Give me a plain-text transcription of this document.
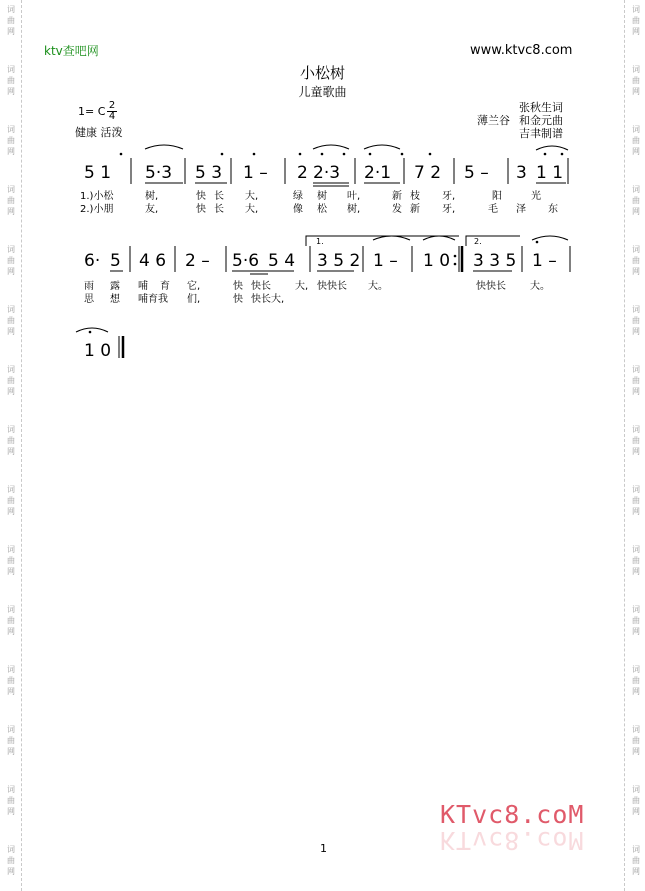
词
曲
网
词
曲
网
词
曲
网
词
曲
网
词
曲
网
词
曲
网
词
曲
网
词
曲
网
词
曲
网
词
曲
网
词
曲
网
词
曲
网
词
曲
网
词
曲
网
词
曲
网
词
曲
网
词
曲
网
词
曲
网
词
曲
网
词
曲
网
词
曲
网
词
曲
网
词
曲
网
词
曲
网
词
曲
网
词
曲
网
词
曲
网
词
曲
网
词
曲
网
词
曲
网
ktv查吧网	www.ktvc8.com
小松树
儿童歌曲
1= C 2
4
健康 活泼
张秋生词
薄兰谷 和金元曲
吉聿制谱
5 1 5·3 5 3 1 – 2 2·3 2·1 7 2 5 – 3 1 1
1.)小松	树,	快 长 大,	绿 树 叶,	新 枝 牙,	阳	光
2.)小朋	友,	快 长 大,	像 松 树,	发 新 牙,	毛 泽 东
6· 5 4 6 2 – 5·6 5 4 3 5 2 1 – 1 0 3 3 5 1 –
1.	2.
雨 露 哺 育 它,	快 快长 大, 快快长 大。	快快长 大。
思 想 哺育我 们,	快 快长大,
1 0
KTvc8.coM
KTvc8.coM
1
